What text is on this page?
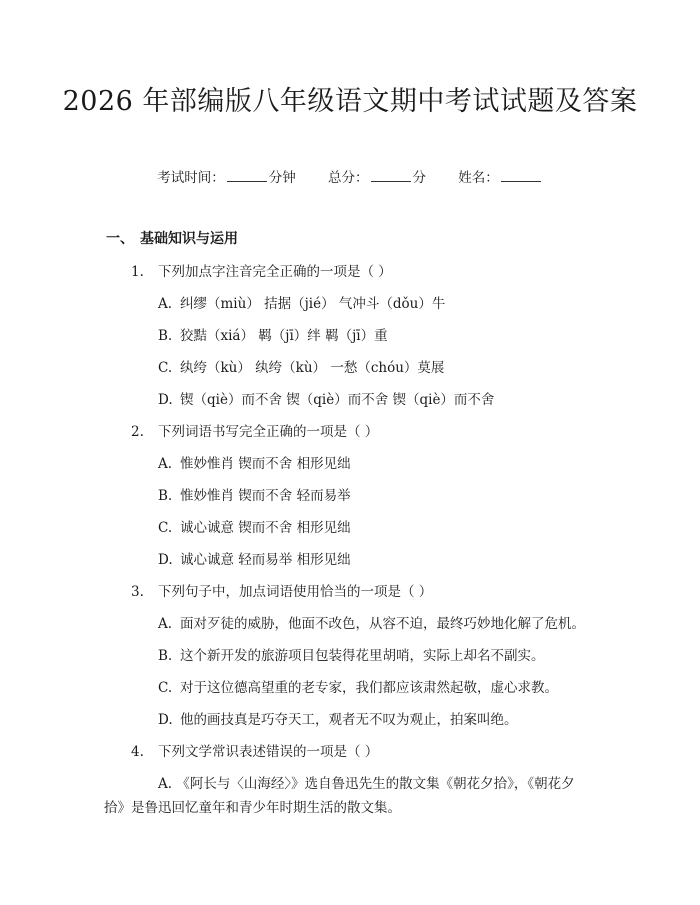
2026 年部编版八年级语文期中考试试题及答案
考试时间：	分钟 总分：	分 姓名：
一、 基础知识与运用
1. 下列加点字注音完全正确的一项是（ ）
A. 纠缪（miù） 拮据（jié） 气冲斗（dǒu）牛
B. 狡黠（xiá） 羁（jī）绊 羁（jī）重
C. 纨绔（kù） 纨绔（kù） 一愁（chóu）莫展
D. 锲（qiè）而不舍 锲（qiè）而不舍 锲（qiè）而不舍
2. 下列词语书写完全正确的一项是（ ）
A. 惟妙惟肖 锲而不舍 相形见绌
B. 惟妙惟肖 锲而不舍 轻而易举
C. 诚心诚意 锲而不舍 相形见绌
D. 诚心诚意 轻而易举 相形见绌
3. 下列句子中，加点词语使用恰当的一项是（ ）
A. 面对歹徒的威胁，他面不改色，从容不迫，最终巧妙地化解了危机。
B. 这个新开发的旅游项目包装得花里胡哨，实际上却名不副实。
C. 对于这位德高望重的老专家，我们都应该肃然起敬，虚心求教。
D. 他的画技真是巧夺天工，观者无不叹为观止，拍案叫绝。
4. 下列文学常识表述错误的一项是（ ）
A. 《阿长与〈山海经〉》选自鲁迅先生的散文集《朝花夕拾》，《朝花夕拾》是鲁迅回忆童年和青少年时期生活的散文集。
